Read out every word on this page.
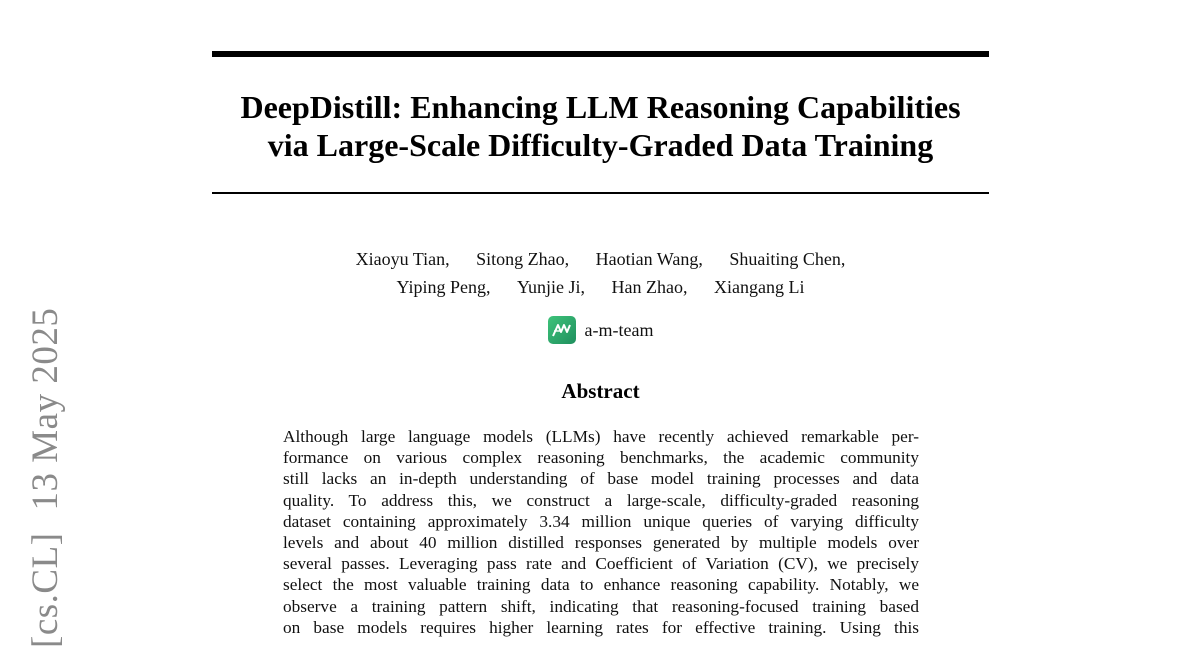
[cs.CL]13 May 2025
DeepDistill: Enhancing LLM Reasoning Capabilities
via Large-Scale Difficulty-Graded Data Training
Xiaoyu Tian, Sitong Zhao, Haotian Wang, Shuaiting Chen,
Yiping Peng, Yunjie Ji, Han Zhao, Xiangang Li
a-m-team
Abstract
Although large language models (LLMs) have recently achieved remarkable per-
formance on various complex reasoning benchmarks, the academic community
still lacks an in-depth understanding of base model training processes and data
quality. To address this, we construct a large-scale, difficulty-graded reasoning
dataset containing approximately 3.34 million unique queries of varying difficulty
levels and about 40 million distilled responses generated by multiple models over
several passes. Leveraging pass rate and Coefficient of Variation (CV), we precisely
select the most valuable training data to enhance reasoning capability. Notably, we
observe a training pattern shift, indicating that reasoning-focused training based
on base models requires higher learning rates for effective training. Using this
